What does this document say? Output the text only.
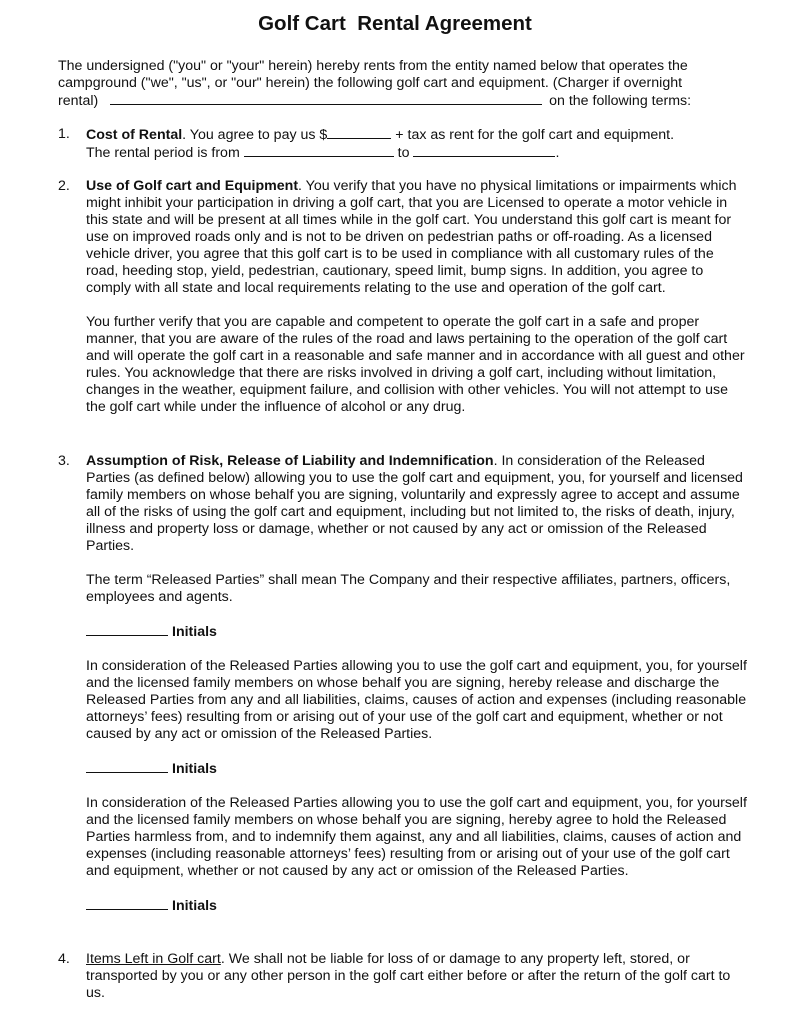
Golf Cart  Rental Agreement
The undersigned ("you" or "your" herein) hereby rents from the entity named below that operates the
campground ("we", "us", or "our" herein) the following golf cart and equipment. (Charger if overnight
rental)	on the following terms:
1.	Cost of Rental. You agree to pay us $	+ tax as rent for the golf cart and equipment.
The rental period is from	to	.
2.	Use of Golf cart and Equipment. You verify that you have no physical limitations or impairments which might inhibit your participation in driving a golf cart, that you are Licensed to operate a motor vehicle in this state and will be present at all times while in the golf cart. You understand this golf cart is meant for use on improved roads only and is not to be driven on pedestrian paths or off-roading. As a licensed vehicle driver, you agree that this golf cart is to be used in compliance with all customary rules of the road, heeding stop, yield, pedestrian, cautionary, speed limit, bump signs. In addition, you agree to comply with all state and local requirements relating to the use and operation of the golf cart.

You further verify that you are capable and competent to operate the golf cart in a safe and proper manner, that you are aware of the rules of the road and laws pertaining to the operation of the golf cart and will operate the golf cart in a reasonable and safe manner and in accordance with all guest and other rules. You acknowledge that there are risks involved in driving a golf cart, including without limitation, changes in the weather, equipment failure, and collision with other vehicles. You will not attempt to use the golf cart while under the influence of alcohol or any drug.

3.	Assumption of Risk, Release of Liability and Indemnification. In consideration of the Released Parties (as defined below) allowing you to use the golf cart and equipment, you, for yourself and licensed family members on whose behalf you are signing, voluntarily and expressly agree to accept and assume all of the risks of using the golf cart and equipment, including but not limited to, the risks of death, injury, illness and property loss or damage, whether or not caused by any act or omission of the Released Parties.

The term “Released Parties” shall mean The Company and their respective affiliates, partners, officers, employees and agents.

Initials

In consideration of the Released Parties allowing you to use the golf cart and equipment, you, for yourself and the licensed family members on whose behalf you are signing, hereby release and discharge the Released Parties from any and all liabilities, claims, causes of action and expenses (including reasonable attorneys’ fees) resulting from or arising out of your use of the golf cart and equipment, whether or not caused by any act or omission of the Released Parties.

Initials

In consideration of the Released Parties allowing you to use the golf cart and equipment, you, for yourself and the licensed family members on whose behalf you are signing, hereby agree to hold the Released Parties harmless from, and to indemnify them against, any and all liabilities, claims, causes of action and expenses (including reasonable attorneys’ fees) resulting from or arising out of your use of the golf cart and equipment, whether or not caused by any act or omission of the Released Parties.

Initials

4.	Items Left in Golf cart. We shall not be liable for loss of or damage to any property left, stored, or transported by you or any other person in the golf cart either before or after the return of the golf cart to us.
